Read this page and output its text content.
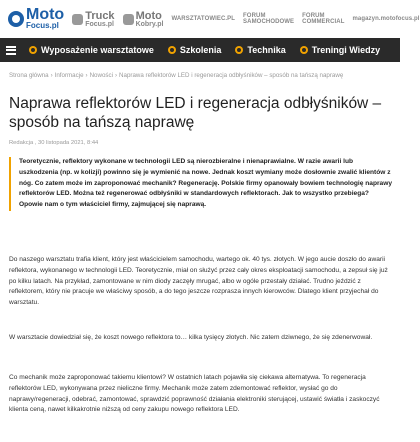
Moto
Focus.pl
Truck
Focus.pl
Moto
Kobry.pl
WARSZTATOWIEC.PL FORUM SAMOCHODOWE
FORUM COMMERCIAL magazyn.motofocus.pl
Wyposażenie warsztatowe	Szkolenia	Technika	Treningi Wiedzy
Strona główna › Informacje › Nowości › Naprawa reflektorów LED i regeneracja odbłyśników – sposób na tańszą naprawę
Naprawa reflektorów LED i regeneracja odbłyśników – sposób na tańszą naprawę
Redakcja , 30 listopada 2021, 8:44
Teoretycznie, reflektory wykonane w technologii LED są nierozbieralne i nienaprawialne. W razie awarii lub uszkodzenia (np. w kolizji) powinno się je wymienić na nowe. Jednak koszt wymiany może dosłownie zwalić klientów z nóg. Co zatem może im zaproponować mechanik? Regenerację. Polskie firmy opanowały bowiem technologię naprawy reflektorów LED. Można też regenerować odbłyśniki w standardowych reflektorach. Jak to wszystko przebiega? Opowie nam o tym właściciel firmy, zajmującej się naprawą.

Do naszego warsztatu trafia klient, który jest właścicielem samochodu, wartego ok. 40 tys. złotych. W jego aucie doszło do awarii reflektora, wykonanego w technologii LED. Teoretycznie, miał on służyć przez cały okres eksploatacji samochodu, a zepsuł się już po kilku latach. Na przykład, zamontowane w nim diody zaczęły mrugać, albo w ogóle przestały działać. Trudno jeździć z reflektorem, który nie pracuje we właściwy sposób, a do tego jeszcze rozprasza innych kierowców. Dlatego klient przyjechał do warsztatu.

W warsztacie dowiedział się, że koszt nowego reflektora to… kilka tysięcy złotych. Nic zatem dziwnego, że się zdenerwował.

Co mechanik może zaproponować takiemu klientowi? W ostatnich latach pojawiła się ciekawa alternatywa. To regeneracja reflektorów LED, wykonywana przez nieliczne firmy. Mechanik może zatem zdemontować reflektor, wysłać go do naprawy/regeneracji, odebrać, zamontować, sprawdzić poprawność działania elektroniki sterującej, ustawić światła i zaskoczyć klienta ceną, nawet kilkakrotnie niższą od ceny zakupu nowego reflektora LED.
